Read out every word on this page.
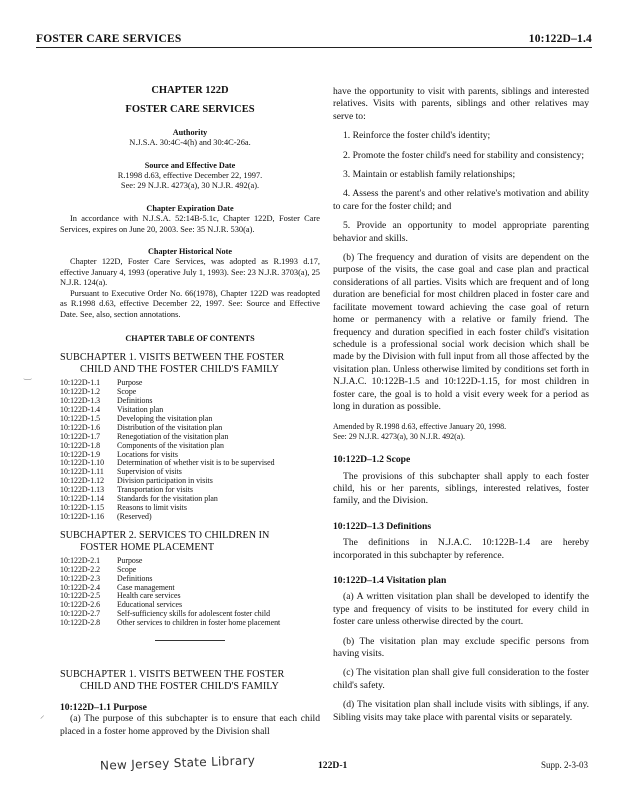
FOSTER CARE SERVICES	10:122D–1.4
‿
⸝
CHAPTER 122D
FOSTER CARE SERVICES
Authority
N.J.S.A. 30:4C-4(h) and 30:4C-26a.
Source and Effective Date
R.1998 d.63, effective December 22, 1997.
See: 29 N.J.R. 4273(a), 30 N.J.R. 492(a).
Chapter Expiration Date
In accordance with N.J.S.A. 52:14B-5.1c, Chapter 122D, Foster Care Services, expires on June 20, 2003. See: 35 N.J.R. 530(a).
Chapter Historical Note
Chapter 122D, Foster Care Services, was adopted as R.1993 d.17, effective January 4, 1993 (operative July 1, 1993). See: 23 N.J.R. 3703(a), 25 N.J.R. 124(a).
Pursuant to Executive Order No. 66(1978), Chapter 122D was readopted as R.1998 d.63, effective December 22, 1997. See: Source and Effective Date. See, also, section annotations.
CHAPTER TABLE OF CONTENTS
SUBCHAPTER 1. VISITS BETWEEN THE FOSTER
CHILD AND THE FOSTER CHILD'S FAMILY
10:122D-1.1	Purpose
10:122D-1.2	Scope
10:122D-1.3	Definitions
10:122D-1.4	Visitation plan
10:122D-1.5	Developing the visitation plan
10:122D-1.6	Distribution of the visitation plan
10:122D-1.7	Renegotiation of the visitation plan
10:122D-1.8	Components of the visitation plan
10:122D-1.9	Locations for visits
10:122D-1.10	Determination of whether visit is to be supervised
10:122D-1.11	Supervision of visits
10:122D-1.12	Division participation in visits
10:122D-1.13	Transportation for visits
10:122D-1.14	Standards for the visitation plan
10:122D-1.15	Reasons to limit visits
10:122D-1.16	(Reserved)
SUBCHAPTER 2. SERVICES TO CHILDREN IN
FOSTER HOME PLACEMENT
10:122D-2.1	Purpose
10:122D-2.2	Scope
10:122D-2.3	Definitions
10:122D-2.4	Case management
10:122D-2.5	Health care services
10:122D-2.6	Educational services
10:122D-2.7	Self-sufficiency skills for adolescent foster child
10:122D-2.8	Other services to children in foster home placement
SUBCHAPTER 1. VISITS BETWEEN THE FOSTER
CHILD AND THE FOSTER CHILD'S FAMILY
10:122D–1.1 Purpose
(a) The purpose of this subchapter is to ensure that each child placed in a foster home approved by the Division shall

have the opportunity to visit with parents, siblings and interested relatives. Visits with parents, siblings and other relatives may serve to:

1. Reinforce the foster child's identity;
2. Promote the foster child's need for stability and consistency;
3. Maintain or establish family relationships;
4. Assess the parent's and other relative's motivation and ability to care for the foster child; and
5. Provide an opportunity to model appropriate parenting behavior and skills.

(b) The frequency and duration of visits are dependent on the purpose of the visits, the case goal and case plan and practical considerations of all parties. Visits which are frequent and of long duration are beneficial for most children placed in foster care and facilitate movement toward achieving the case goal of return home or permanency with a relative or family friend. The frequency and duration specified in each foster child's visitation schedule is a professional social work decision which shall be made by the Division with full input from all those affected by the visitation plan. Unless otherwise limited by conditions set forth in N.J.A.C. 10:122B-1.5 and 10:122D-1.15, for most children in foster care, the goal is to hold a visit every week for a period as long in duration as possible.

Amended by R.1998 d.63, effective January 20, 1998.
See: 29 N.J.R. 4273(a), 30 N.J.R. 492(a).
10:122D–1.2 Scope

The provisions of this subchapter shall apply to each foster child, his or her parents, siblings, interested relatives, foster family, and the Division.

10:122D–1.3 Definitions

The definitions in N.J.A.C. 10:122B-1.4 are hereby incorporated in this subchapter by reference.

10:122D–1.4 Visitation plan

(a) A written visitation plan shall be developed to identify the type and frequency of visits to be instituted for every child in foster care unless otherwise directed by the court.

(b) The visitation plan may exclude specific persons from having visits.

(c) The visitation plan shall give full consideration to the foster child's safety.

(d) The visitation plan shall include visits with siblings, if any. Sibling visits may take place with parental visits or separately.

New Jersey State Library	122D-1	Supp. 2-3-03
